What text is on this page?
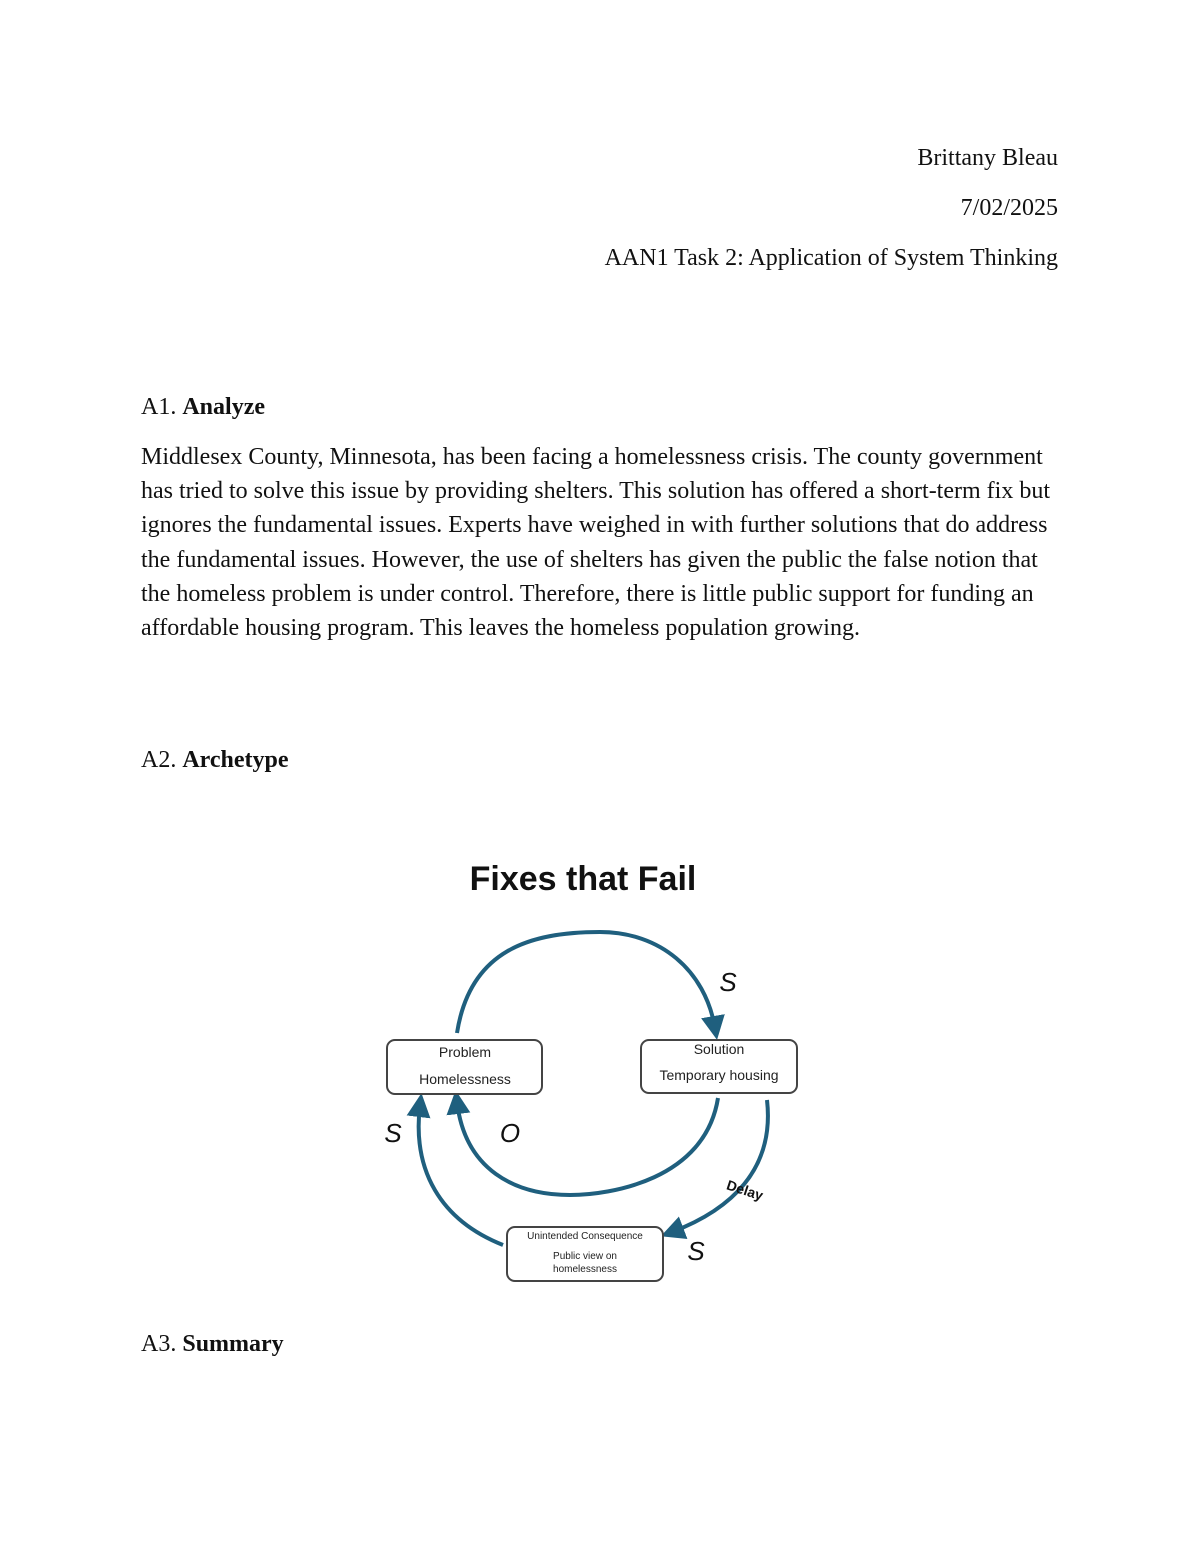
Brittany Bleau
7/02/2025
AAN1 Task 2: Application of System Thinking
A1. Analyze
Middlesex County, Minnesota, has been facing a homelessness crisis. The county government has tried to solve this issue by providing shelters. This solution has offered a short-term fix but ignores the fundamental issues. Experts have weighed in with further solutions that do address the fundamental issues. However, the use of shelters has given the public the false notion that the homeless problem is under control. Therefore, there is little public support for funding an affordable housing program. This leaves the homeless population growing.
A2. Archetype
Fixes that Fail
Problem
Homelessness
Solution
Temporary housing
Unintended Consequence
Public view on
homelessness
S
S	O
S
Delay
A3. Summary
